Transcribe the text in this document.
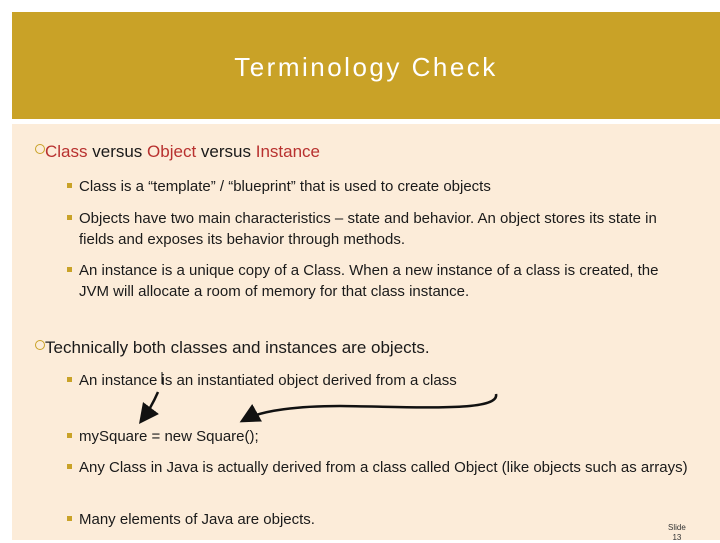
Terminology Check
Class versus Object versus Instance
Class is a “template” / “blueprint” that is used to create objects
Objects have two main characteristics – state and behavior. An object stores its state in fields and exposes its behavior through methods.
An instance is a unique copy of a Class. When a new instance of a class is created, the JVM will allocate a room of memory for that class instance.
Technically both classes and instances are objects.
An instance is an instantiated object derived from a class
mySquare = new Square();
Any Class in Java is actually derived from a class called Object (like objects such as arrays)
Many elements of Java are objects.	Slide
13
